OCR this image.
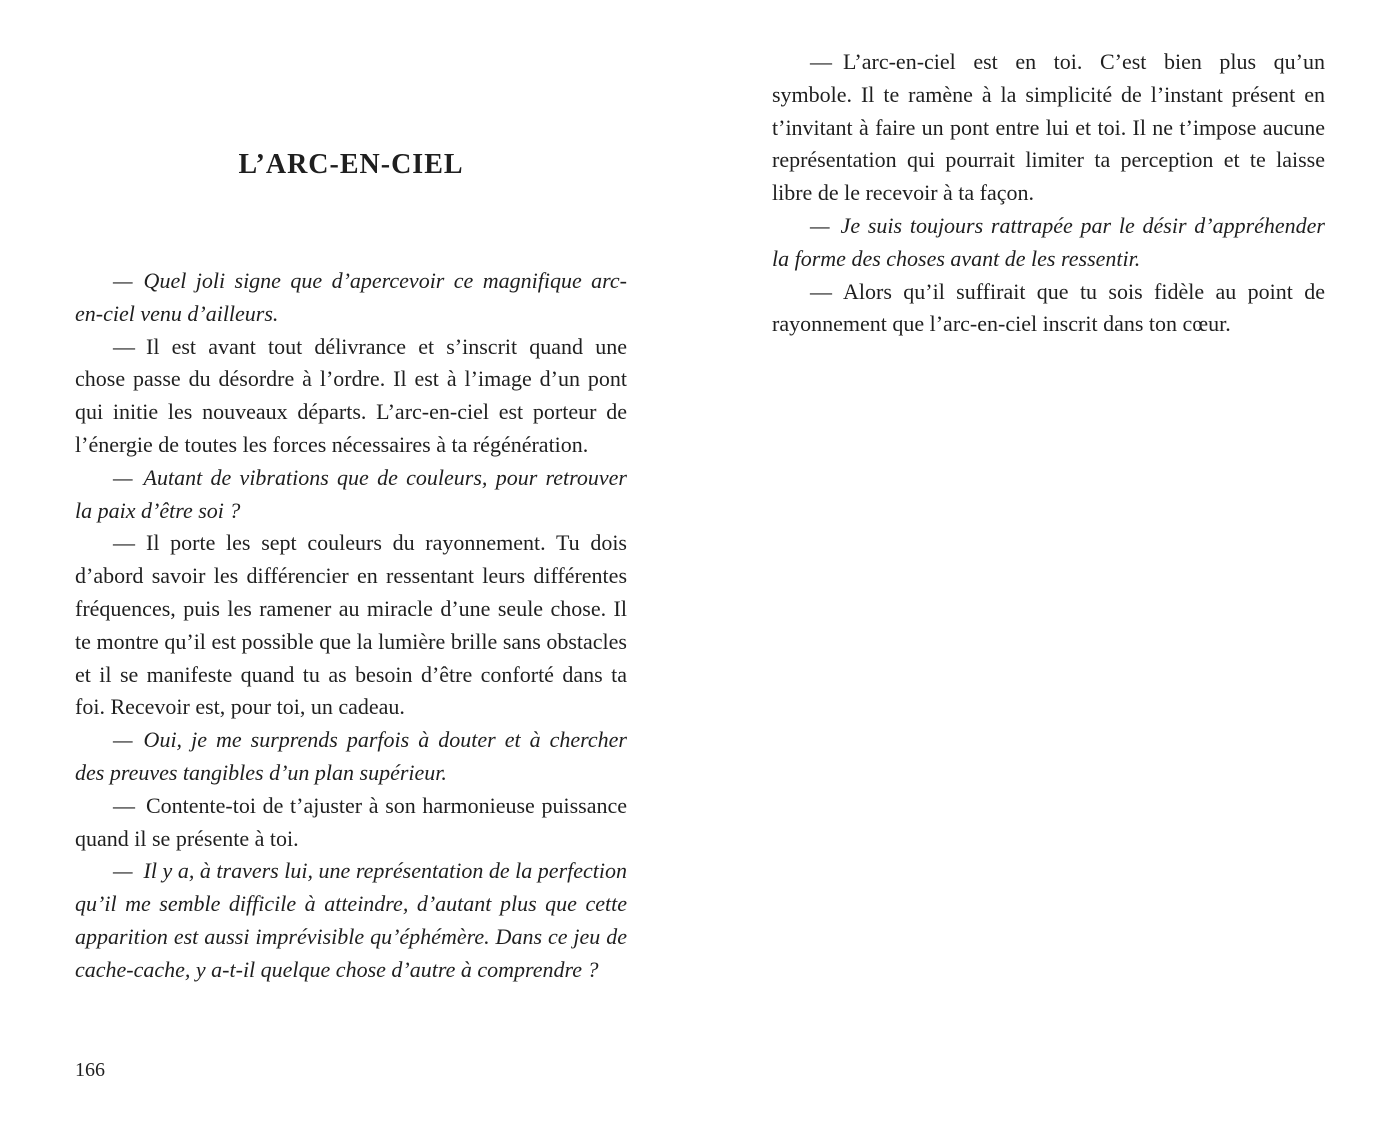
L’ARC-EN-CIEL

— Quel joli signe que d’apercevoir ce magnifique arc-en-ciel venu d’ailleurs.

— Il est avant tout délivrance et s’inscrit quand une chose passe du désordre à l’ordre. Il est à l’image d’un pont qui initie les nouveaux départs. L’arc-en-ciel est porteur de l’énergie de toutes les forces nécessaires à ta régénération.

— Autant de vibrations que de couleurs, pour retrouver la paix d’être soi ?

— Il porte les sept couleurs du rayonnement. Tu dois d’abord savoir les différencier en ressentant leurs différentes fréquences, puis les ramener au miracle d’une seule chose. Il te montre qu’il est possible que la lumière brille sans obstacles et il se manifeste quand tu as besoin d’être conforté dans ta foi. Recevoir est, pour toi, un cadeau.

— Oui, je me surprends parfois à douter et à chercher des preuves tangibles d’un plan supérieur.

— Contente-toi de t’ajuster à son harmonieuse puissance quand il se présente à toi.

— Il y a, à travers lui, une représentation de la perfection qu’il me semble difficile à atteindre, d’autant plus que cette apparition est aussi imprévisible qu’éphémère. Dans ce jeu de cache-cache, y a-t-il quelque chose d’autre à comprendre ?

166

— L’arc-en-ciel est en toi. C’est bien plus qu’un symbole. Il te ramène à la simplicité de l’instant présent en t’invitant à faire un pont entre lui et toi. Il ne t’impose aucune représentation qui pourrait limiter ta perception et te laisse libre de le recevoir à ta façon.

— Je suis toujours rattrapée par le désir d’appréhender la forme des choses avant de les ressentir.

— Alors qu’il suffirait que tu sois fidèle au point de rayonnement que l’arc-en-ciel inscrit dans ton cœur.
